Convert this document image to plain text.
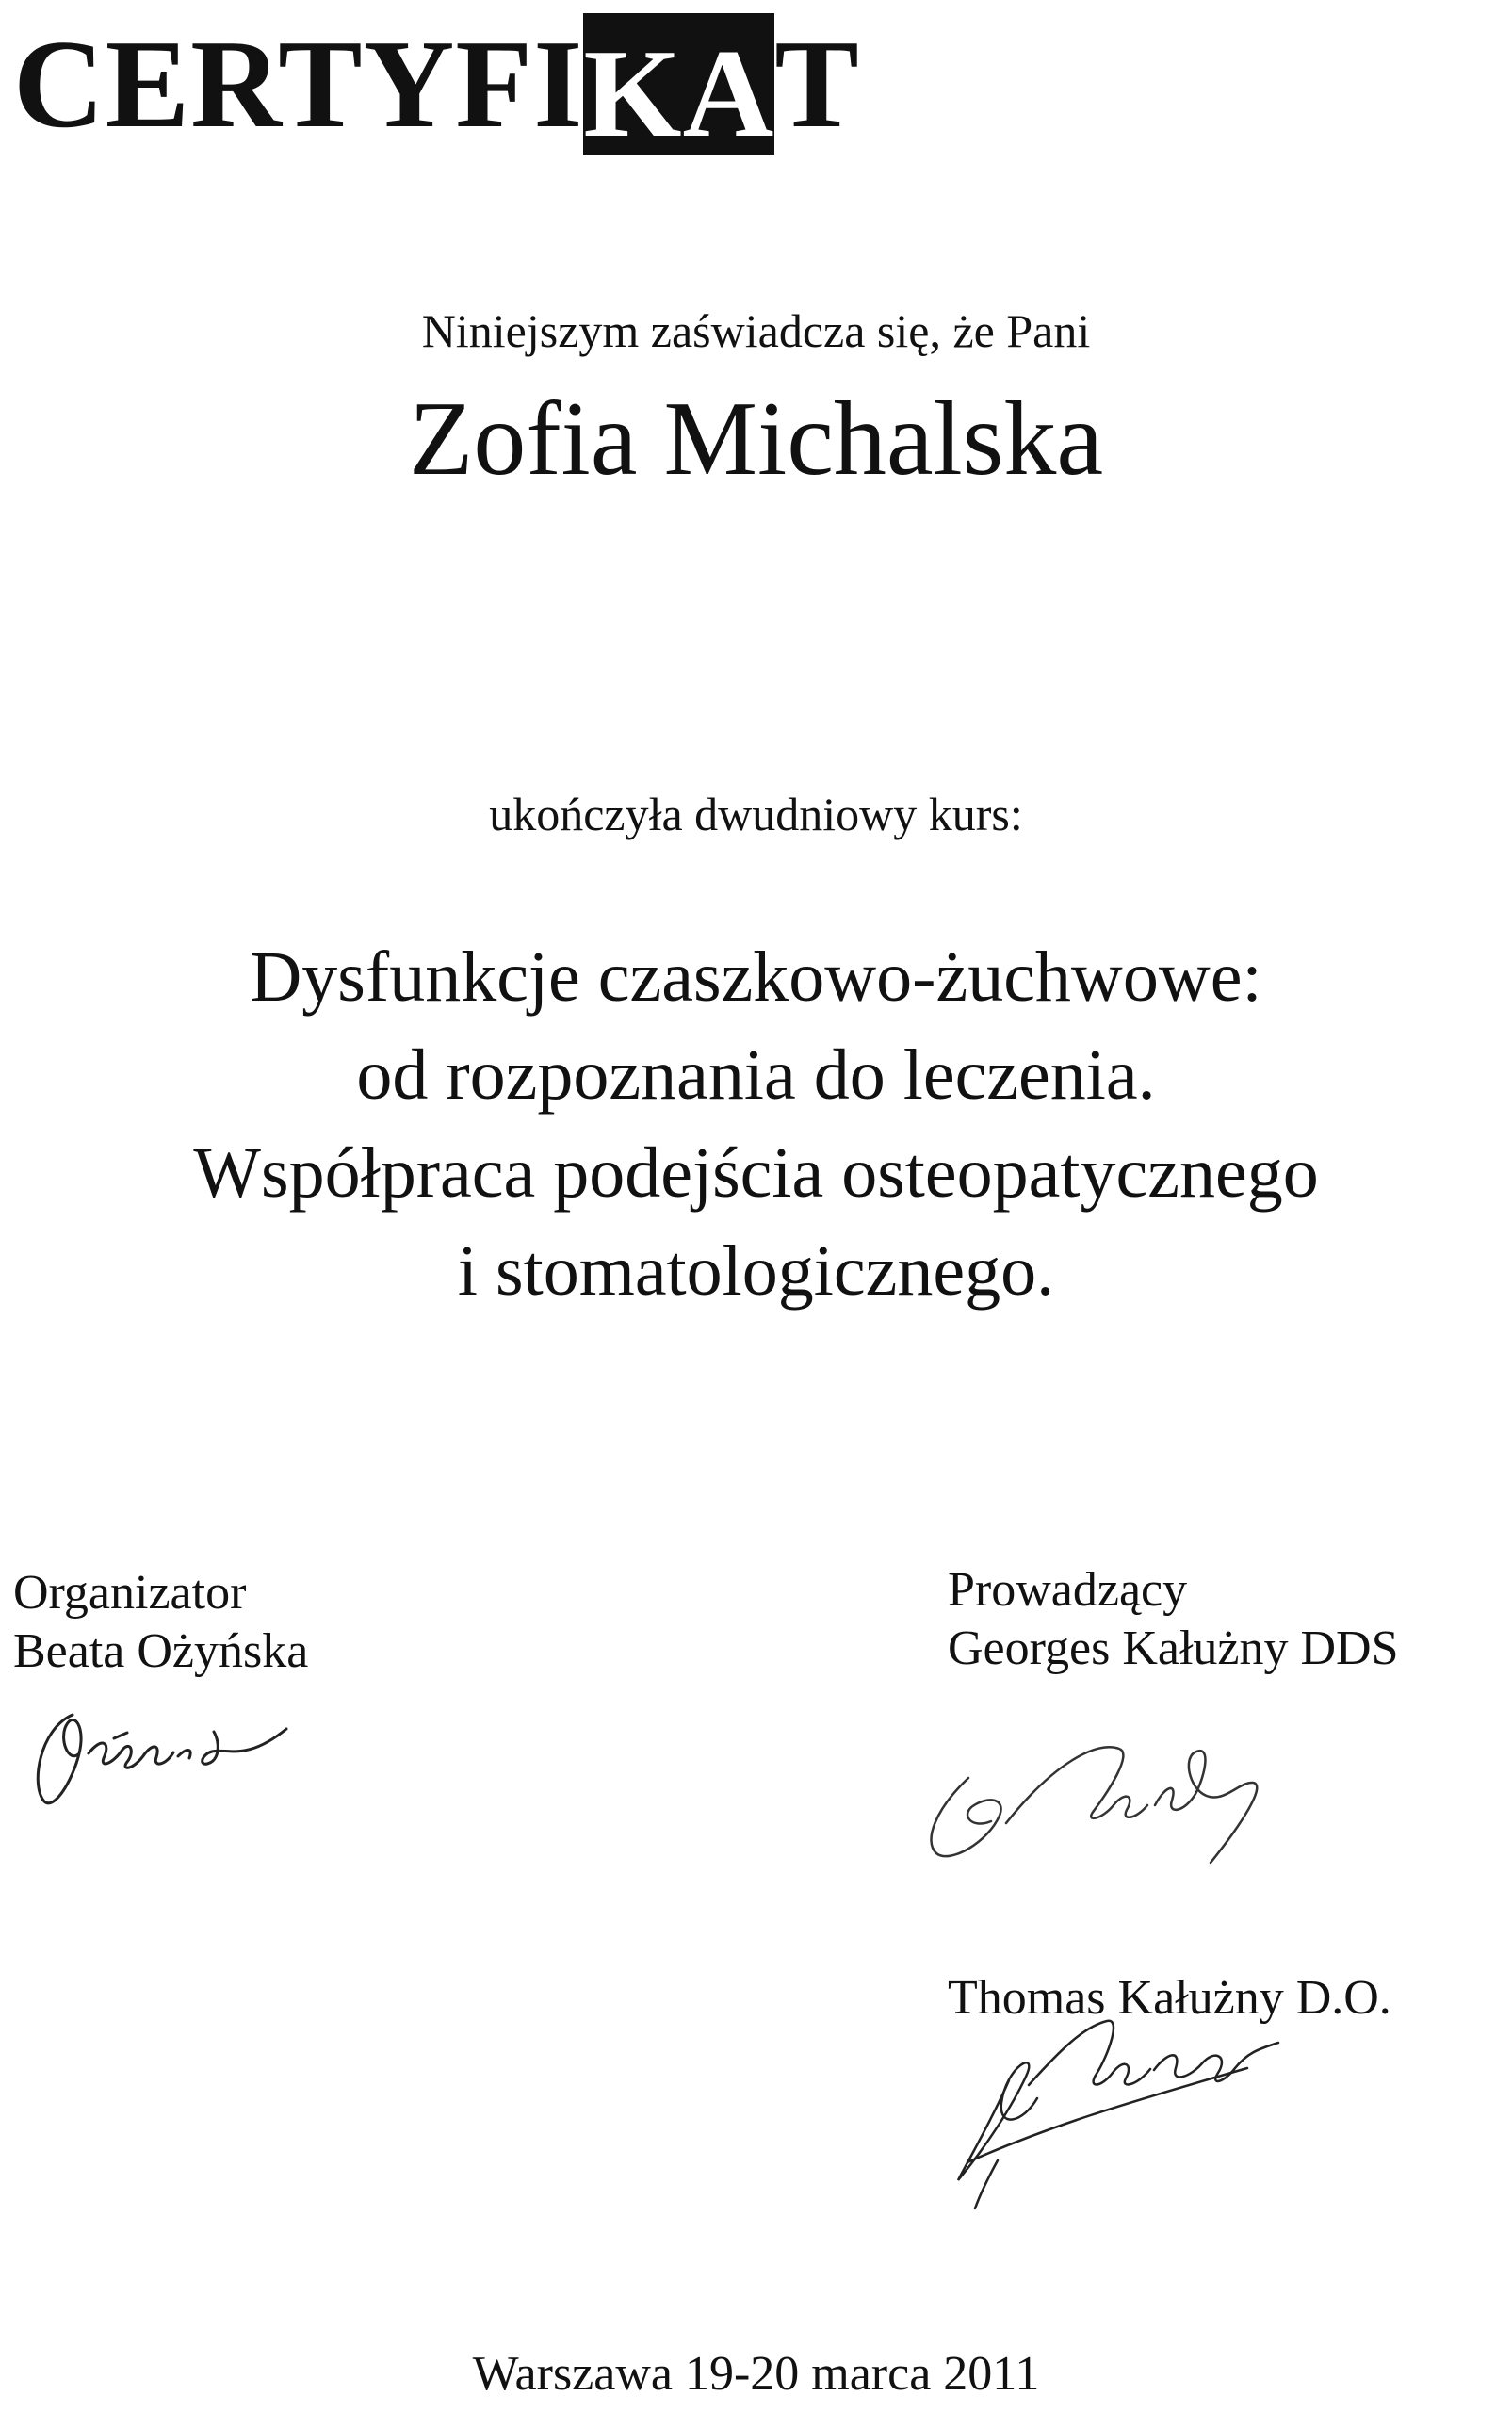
CERTYFI KA T
Niniejszym zaświadcza się, że Pani
Zofia Michalska
ukończyła dwudniowy kurs:
Dysfunkcje czaszkowo-żuchwowe:
od rozpoznania do leczenia.
Współpraca podejścia osteopatycznego
i stomatologicznego.
Organizator
Beata Ożyńska
Prowadzący
Georges Kałużny DDS
Thomas Kałużny D.O.
Warszawa 19-20 marca 2011
